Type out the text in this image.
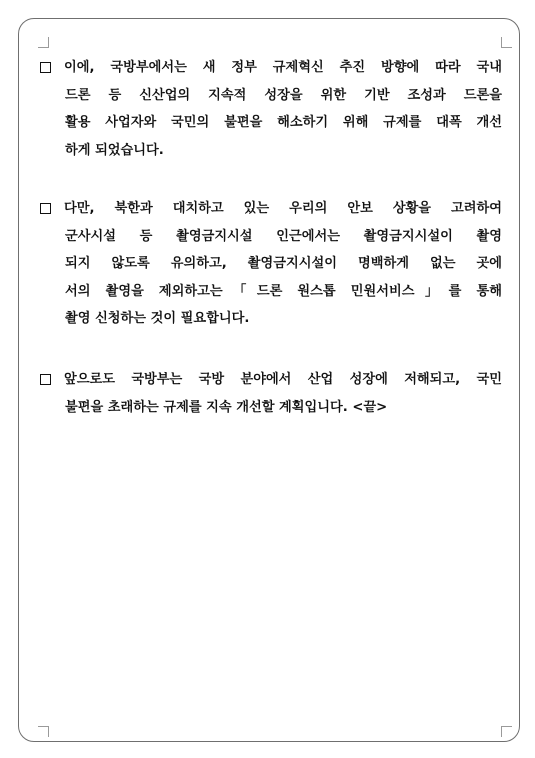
이에, 국방부에서는 새 정부 규제혁신 추진 방향에 따라 국내
드론 등 신산업의 지속적 성장을 위한 기반 조성과 드론을
활용 사업자와 국민의 불편을 해소하기 위해 규제를 대폭 개선
하게 되었습니다.
다만, 북한과 대치하고 있는 우리의 안보 상황을 고려하여
군사시설 등 촬영금지시설 인근에서는 촬영금지시설이 촬영
되지 않도록 유의하고, 촬영금지시설이 명백하게 없는 곳에
서의 촬영을 제외하고는「드론 원스톱 민원서비스」를 통해
촬영 신청하는 것이 필요합니다.
앞으로도 국방부는 국방 분야에서 산업 성장에 저해되고, 국민
불편을 초래하는 규제를 지속 개선할 계획입니다. <끝>
